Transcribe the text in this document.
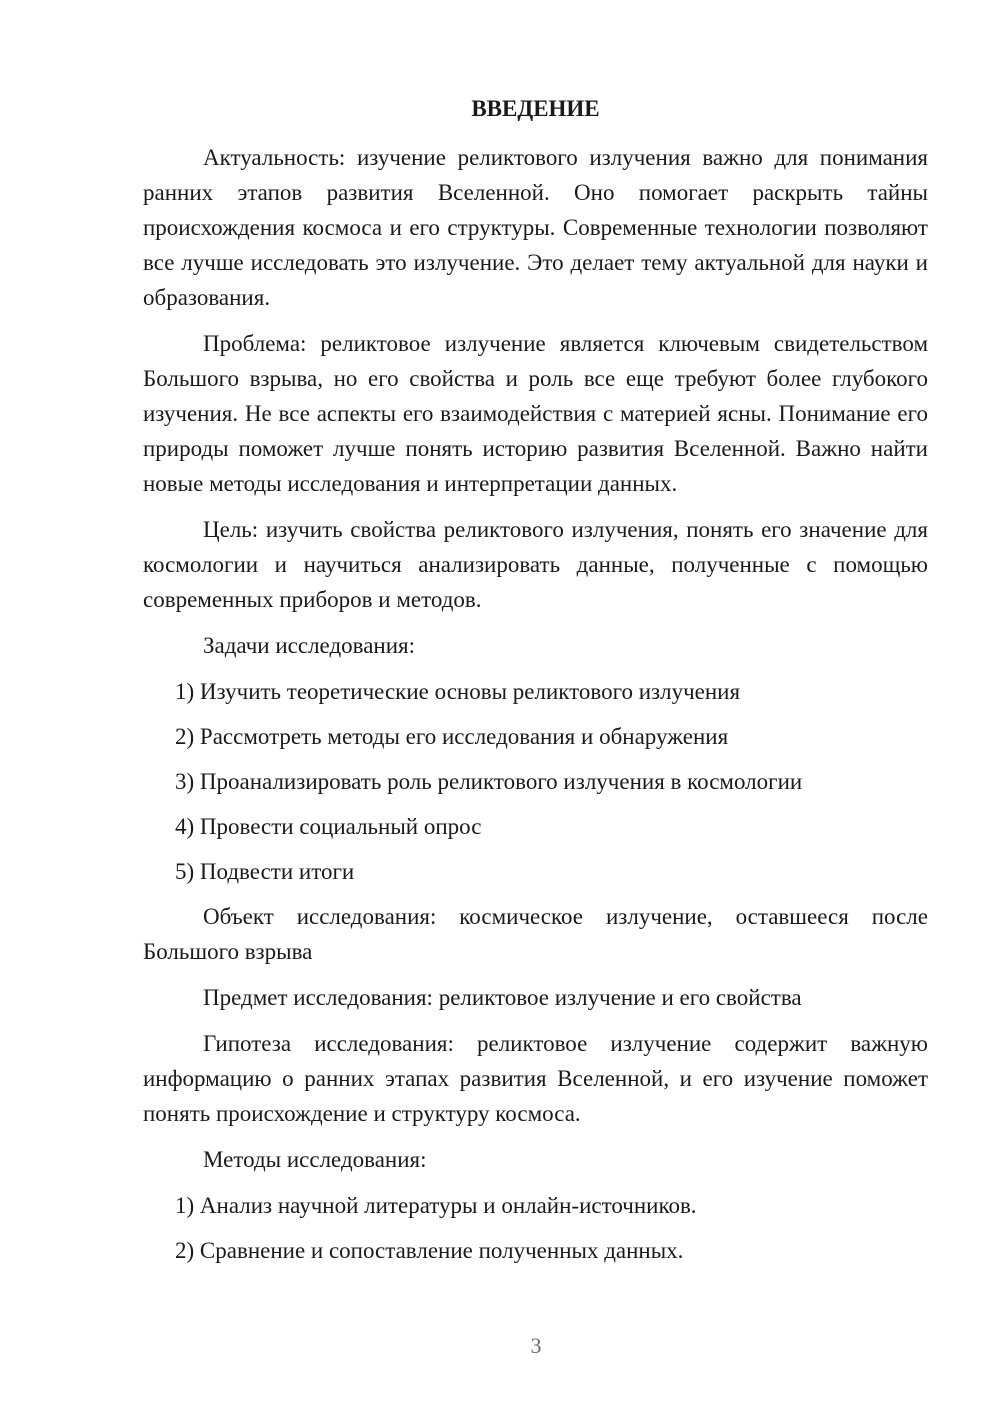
ВВЕДЕНИЕ
Актуальность: изучение реликтового излучения важно для понимания ранних этапов развития Вселенной. Оно помогает раскрыть тайны происхождения космоса и его структуры. Современные технологии позволяют все лучше исследовать это излучение. Это делает тему актуальной для науки и образования.
Проблема: реликтовое излучение является ключевым свидетельством Большого взрыва, но его свойства и роль все еще требуют более глубокого изучения. Не все аспекты его взаимодействия с материей ясны. Понимание его природы поможет лучше понять историю развития Вселенной. Важно найти новые методы исследования и интерпретации данных.
Цель: изучить свойства реликтового излучения, понять его значение для космологии и научиться анализировать данные, полученные с помощью современных приборов и методов.
Задачи исследования:
1) Изучить теоретические основы реликтового излучения
2) Рассмотреть методы его исследования и обнаружения
3) Проанализировать роль реликтового излучения в космологии
4) Провести социальный опрос
5) Подвести итоги
Объект исследования: космическое излучение, оставшееся после Большого взрыва
Предмет исследования: реликтовое излучение и его свойства
Гипотеза исследования: реликтовое излучение содержит важную информацию о ранних этапах развития Вселенной, и его изучение поможет понять происхождение и структуру космоса.
Методы исследования:
1) Анализ научной литературы и онлайн-источников.
2) Сравнение и сопоставление полученных данных.
3
